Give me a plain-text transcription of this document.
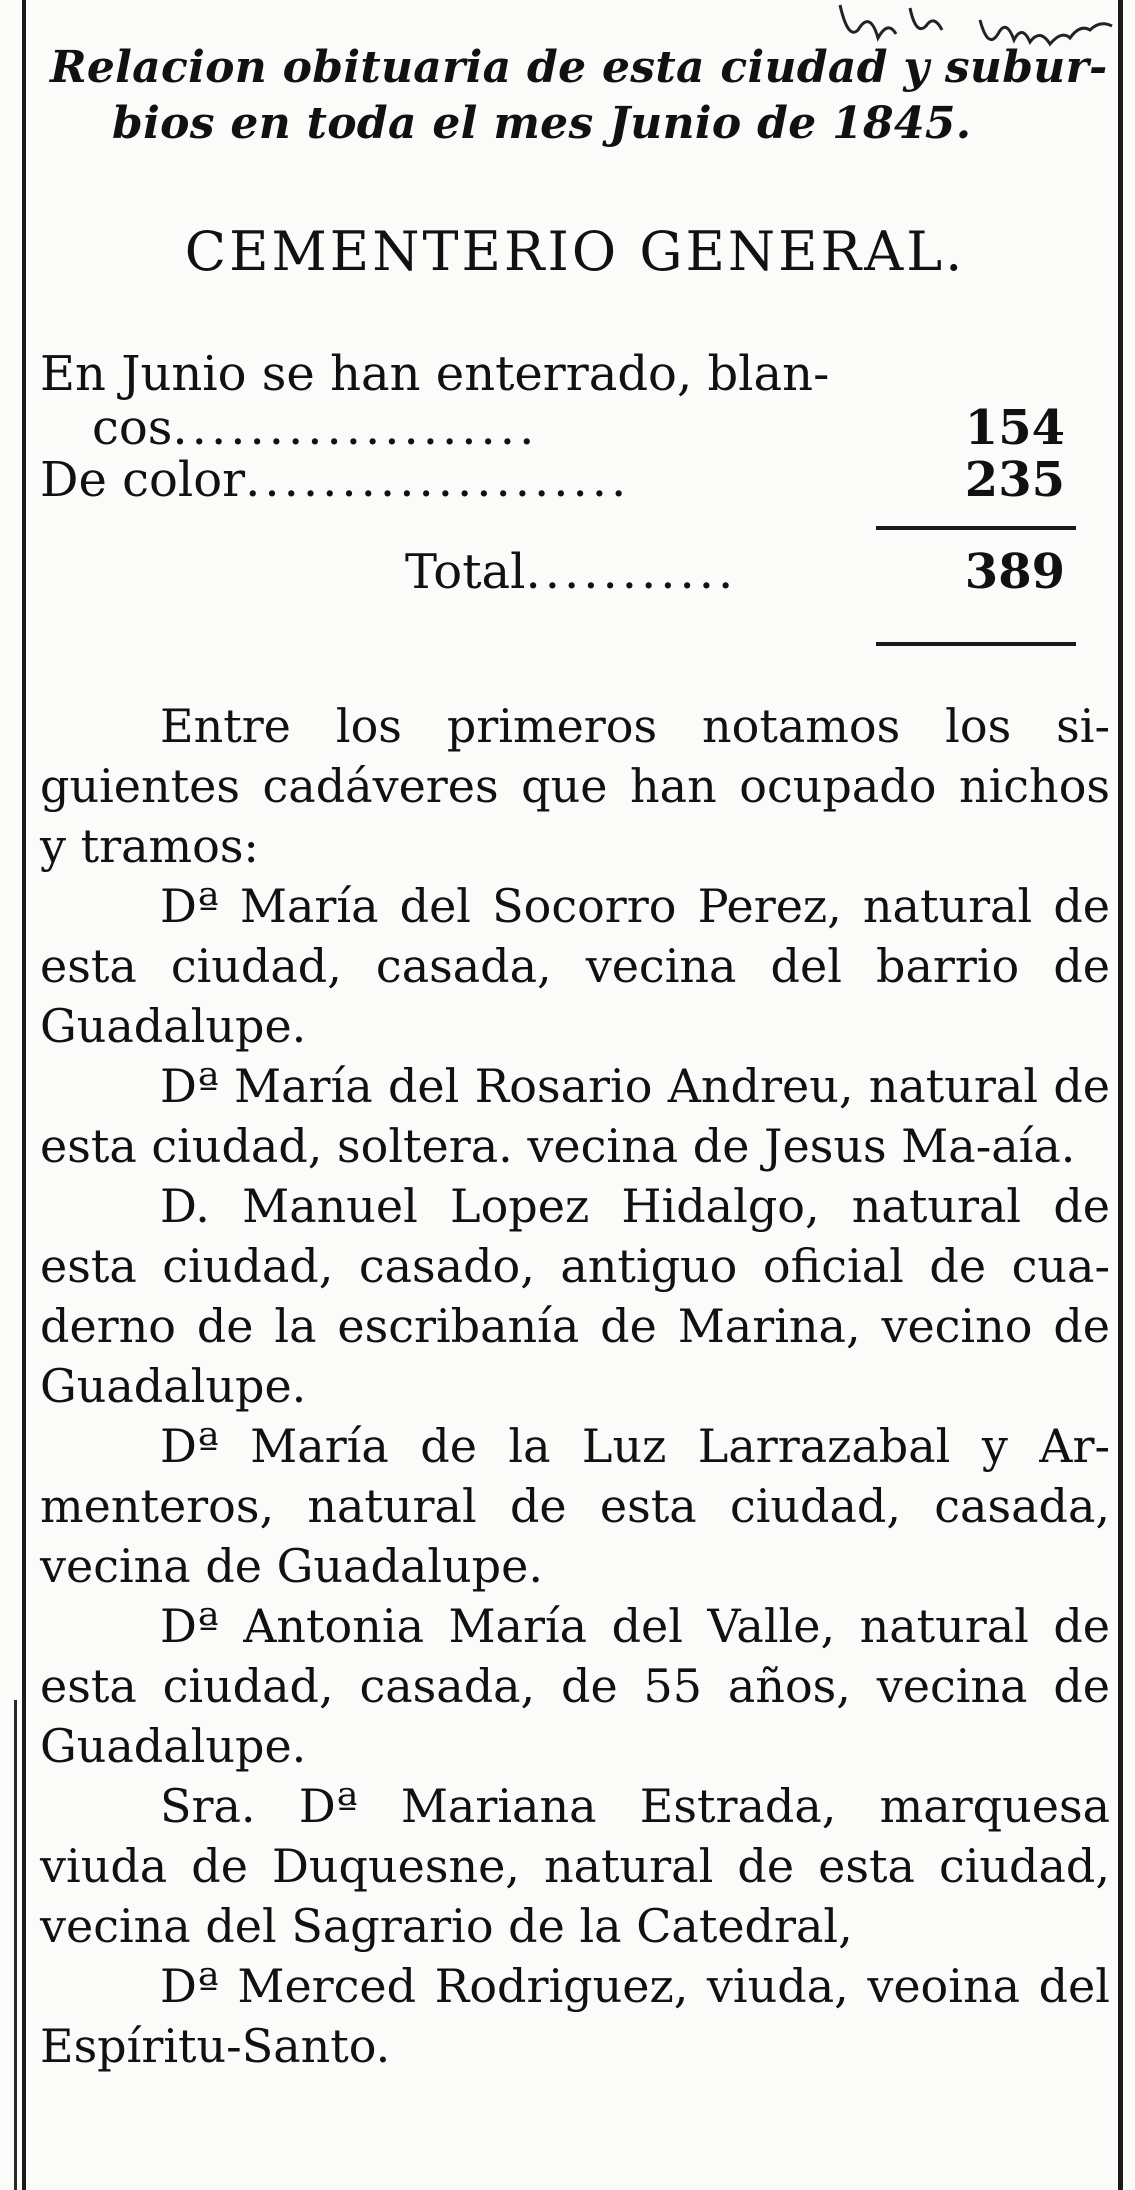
Relacion obituaria de esta ciudad y subur-
bios en toda el mes Junio de 1845.
CEMENTERIO GENERAL.
En Junio se han enterrado, blan-
cos...................	154
De color....................	235
Total...........	389

Entre los primeros notamos los si-guientes cadáveres que han ocupado nichos y tramos:

Dª María del Socorro Perez, natural de esta ciudad, casada, vecina del barrio de Guadalupe.

Dª María del Rosario Andreu, natural de esta ciudad, soltera. vecina de Jesus Ma-aía.

D. Manuel Lopez Hidalgo, natural de esta ciudad, casado, antiguo oficial de cua-derno de la escribanía de Marina, vecino de Guadalupe.

Dª María de la Luz Larrazabal y Ar-menteros, natural de esta ciudad, casada, vecina de Guadalupe.

Dª Antonia María del Valle, natural de esta ciudad, casada, de 55 años, vecina de Guadalupe.

Sra. Dª Mariana Estrada, marquesa viuda de Duquesne, natural de esta ciudad, vecina del Sagrario de la Catedral,

Dª Merced Rodriguez, viuda, veoina del Espíritu-Santo.
